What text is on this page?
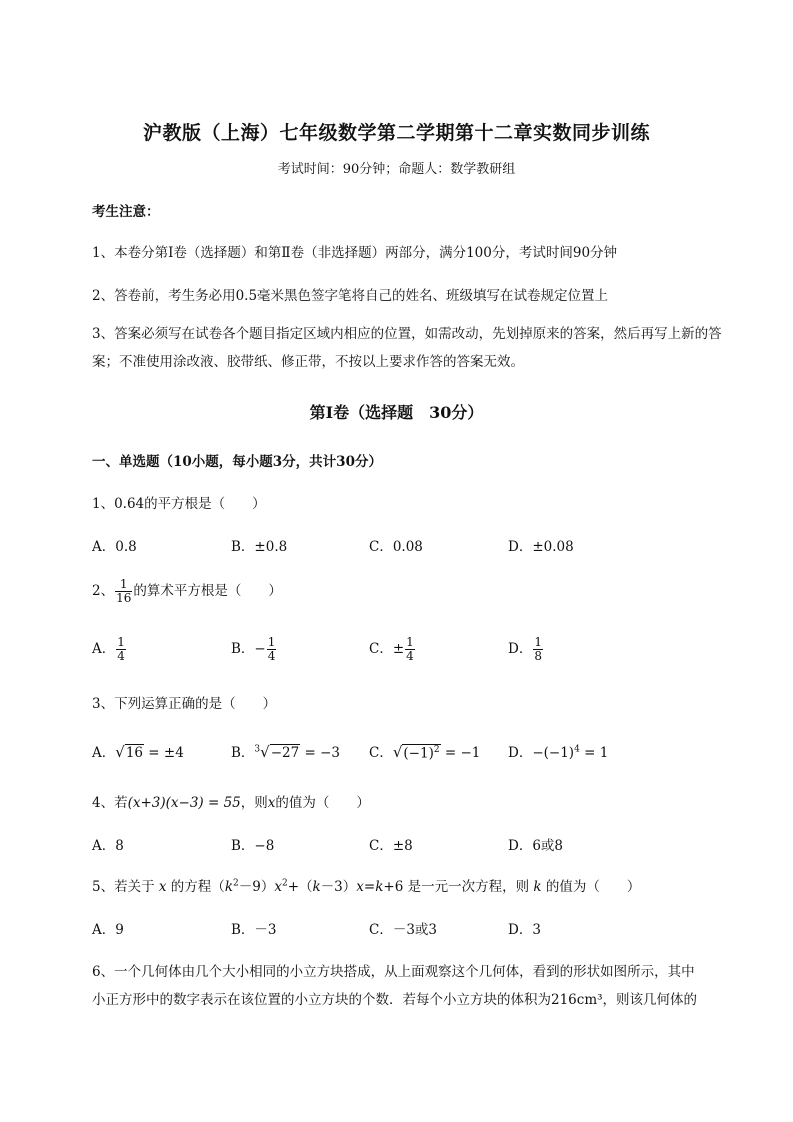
沪教版（上海）七年级数学第二学期第十二章实数同步训练
考试时间：90分钟；命题人：数学教研组
考生注意：
1、本卷分第Ⅰ卷（选择题）和第Ⅱ卷（非选择题）两部分，满分100分，考试时间90分钟
2、答卷前，考生务必用0.5毫米黑色签字笔将自己的姓名、班级填写在试卷规定位置上
3、答案必须写在试卷各个题目指定区域内相应的位置，如需改动，先划掉原来的答案，然后再写上新的答案；不准使用涂改液、胶带纸、修正带，不按以上要求作答的答案无效。
第Ⅰ卷（选择题　30分）
一、单选题（10小题，每小题3分，共计30分）
1、0.64的平方根是（　　）
A．0.8	B．±0.8	C．0.08	D．±0.08
2、 $\frac{1}{16}$ 的算术平方根是（　　）
A． $\frac{1}{4}$	B．− $\frac{1}{4}$	C．± $\frac{1}{4}$	D． $\frac{1}{8}$
3、下列运算正确的是（　　）
A．√16 = ±4	B．$^3$√−27 = −3 C．$√(-1)^2 = -1$ D．$-(-1)^4 = 1$
4、若(x+3)(x−3) = 55，则x的值为（　　）
A．8	B．−8	C．±8	D．6或8
5、若关于 x 的方程$(k^2-9)x^2+(k-3)x=k+6$ 是一元一次方程，则 k 的值为（　　）
A．9	B．－3	C．－3或3	D．3
6、一个几何体由几个大小相同的小立方块搭成，从上面观察这个几何体，看到的形状如图所示，其中
小正方形中的数字表示在该位置的小立方块的个数．若每个小立方块的体积为216cm³，则该几何体的
